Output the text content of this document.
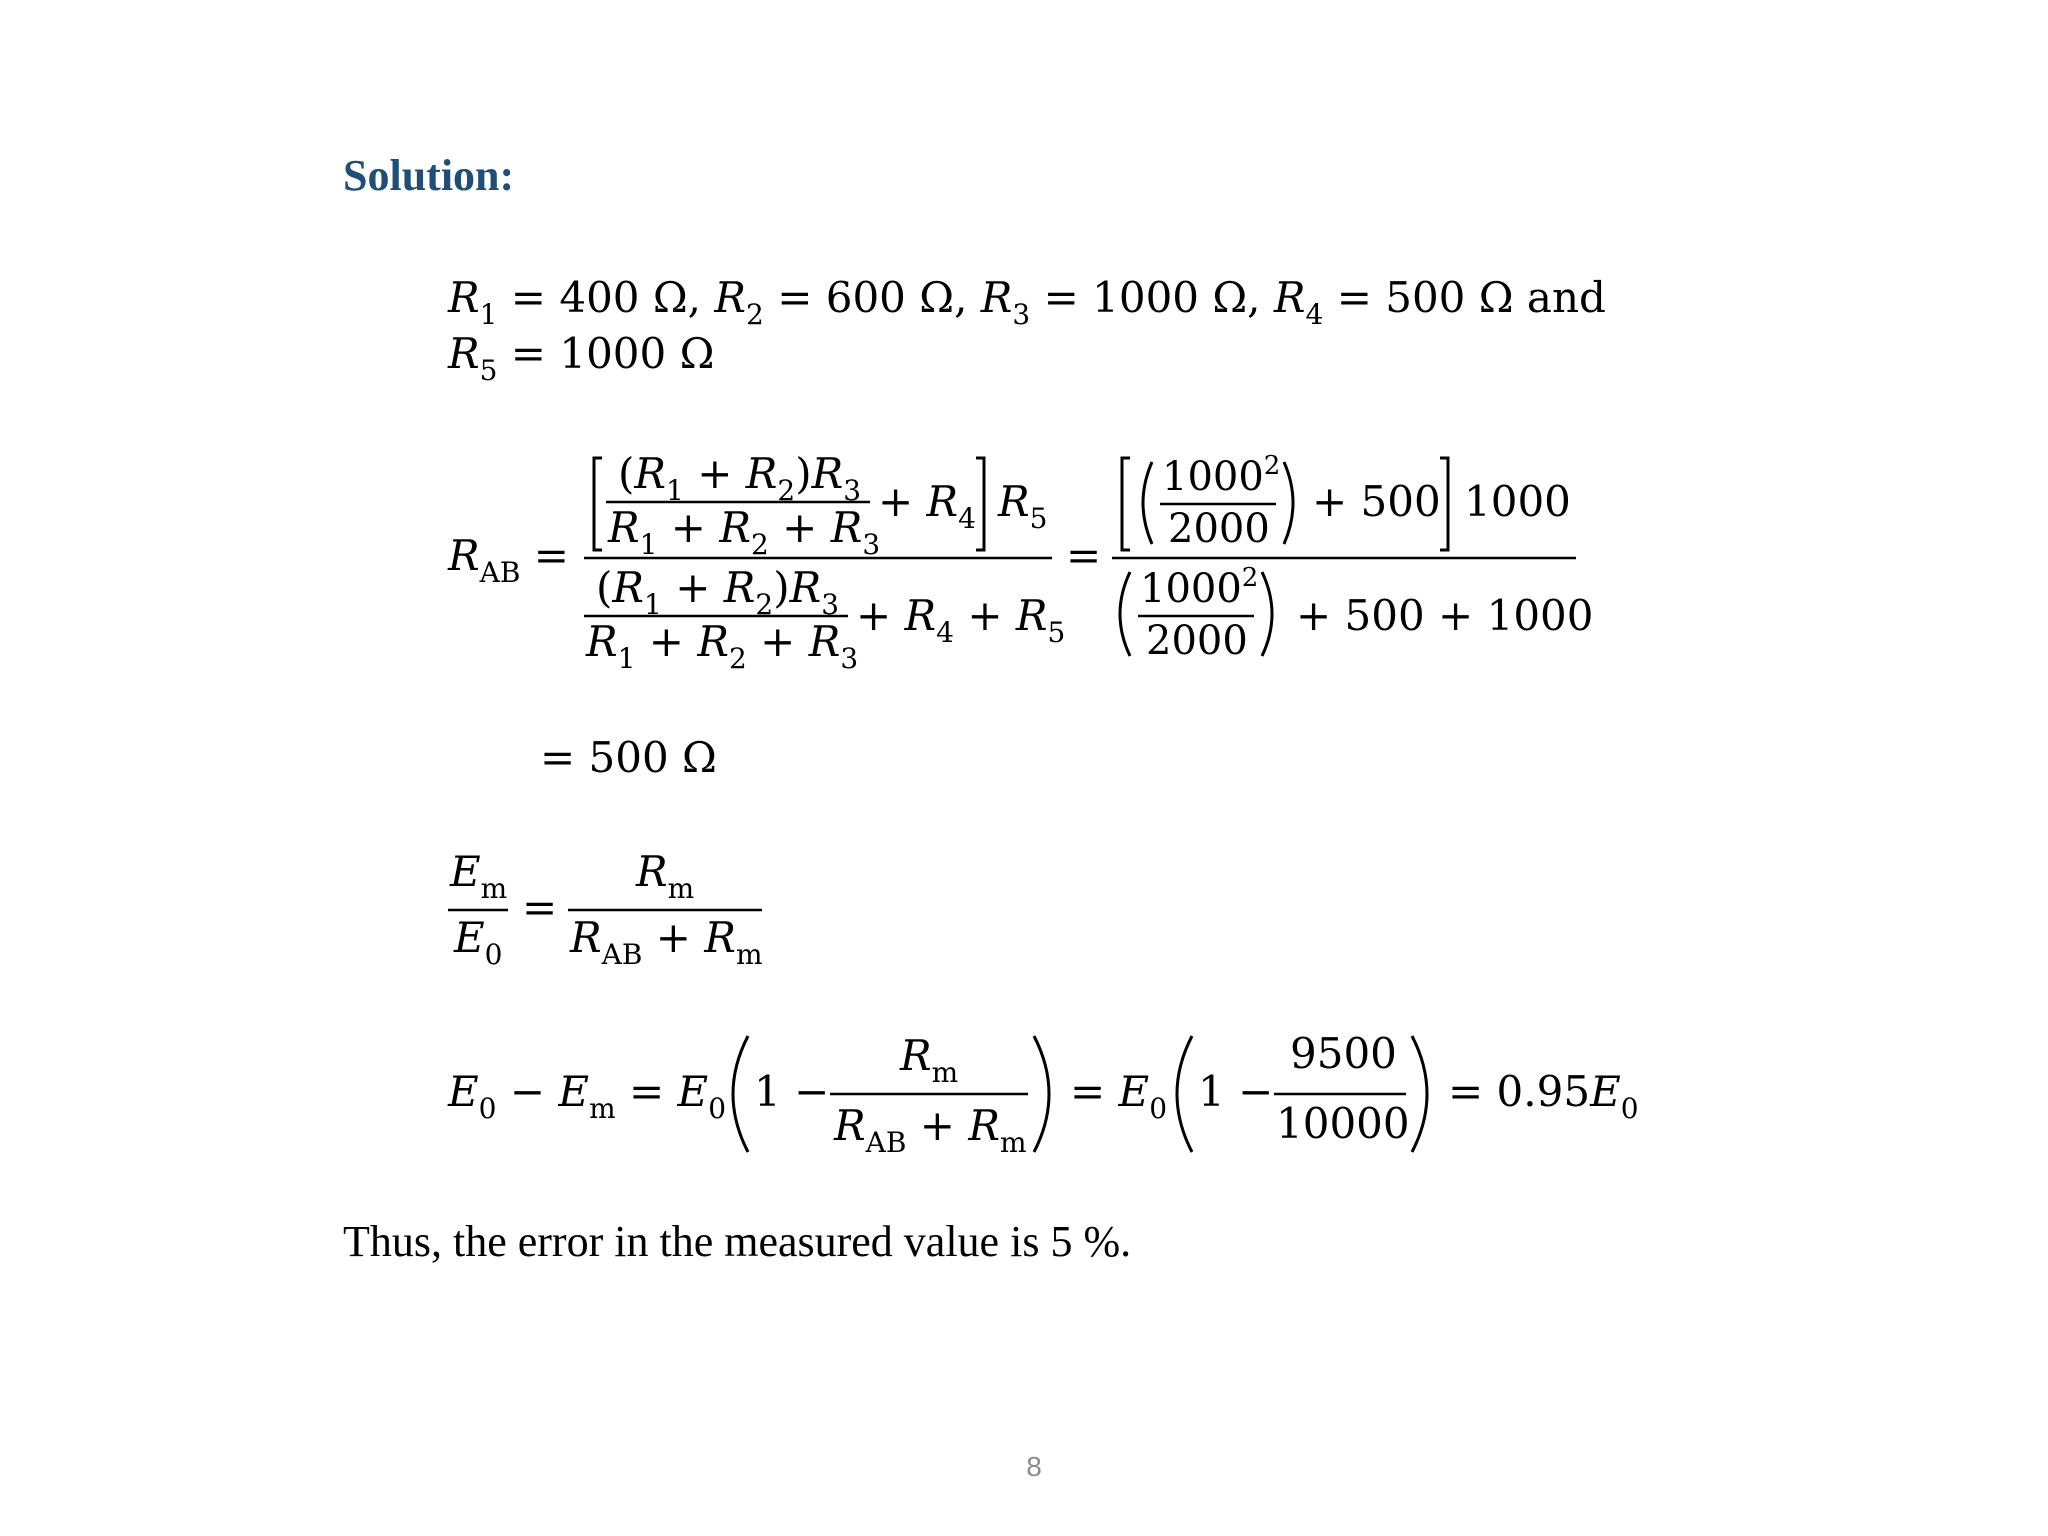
Solution:
$R_1 = 400$ Ω, $R_2 = 600$ Ω, $R_3 = 1000$ Ω, $R_4 = 500$ Ω and
$R_5 = 1000$ Ω
$R_{AB}$ =
$(R_1 + R_2)R_3$
$R_1 + R_2 + R_3$
+ $R_4$ $R_5$
$(R_1 + R_2)R_3$
$R_1 + R_2 + R_3$
+ $R_4 + R_5$
=
$1000^2$
2000
+ 500 1000
1000$^2$
2000
+ 500 + 1000
= 500 Ω
$E_m$
$E_0$
=
$R_m$
$R_{AB} + R_m$
$E_0 - E_m = E_0$ 1 −
$R_m$
$R_{AB} + R_m$
= $E_0$ 1 −
9500
10000
= $0.95E_0$
Thus, the error in the measured value is 5 %.
8
